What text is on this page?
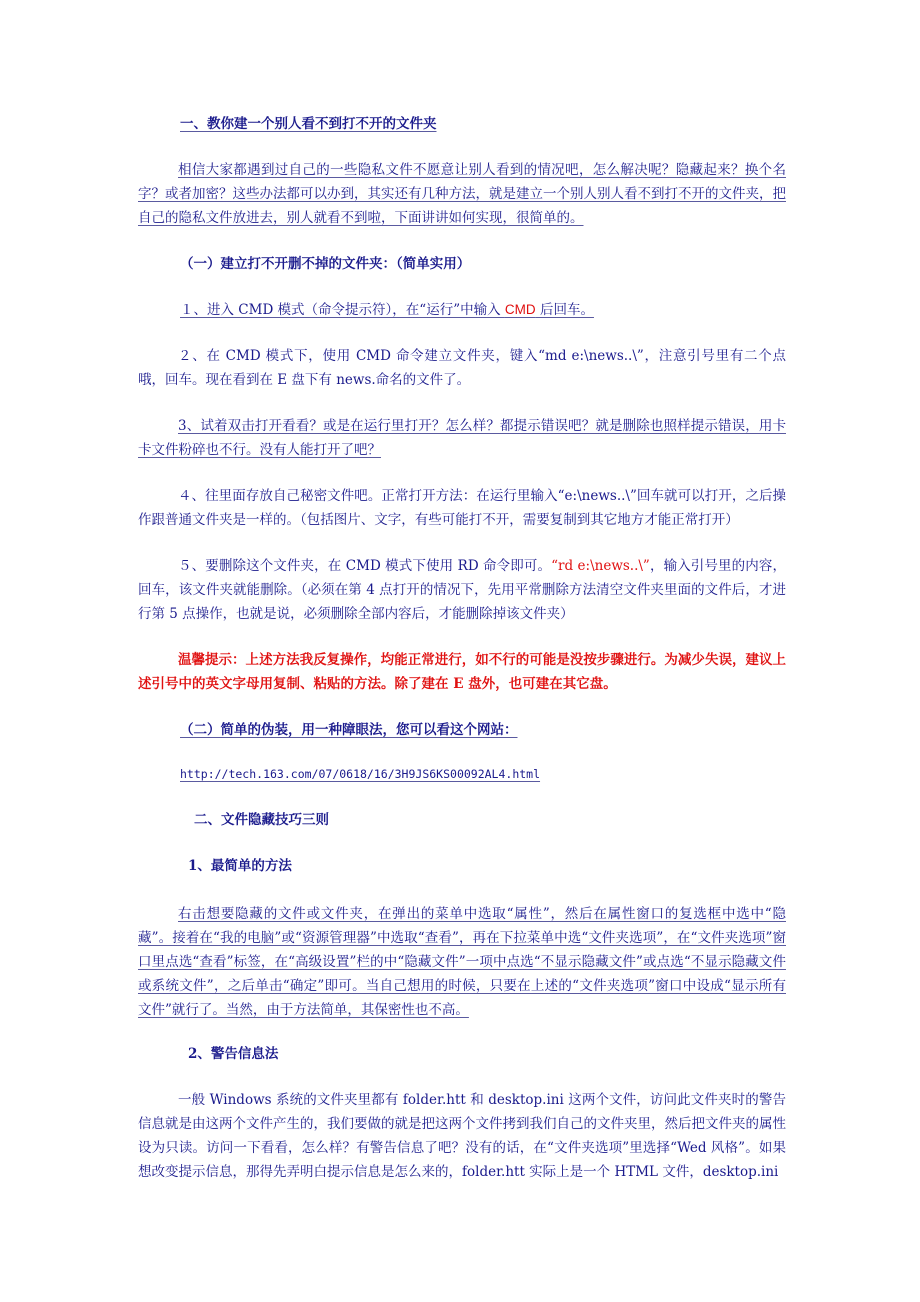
一、教你建一个别人看不到打不开的文件夹
相信大家都遇到过自己的一些隐私文件不愿意让别人看到的情况吧，怎么解决呢？隐藏起来？换个名字？或者加密？这些办法都可以办到，其实还有几种方法，就是建立一个别人别人看不到打不开的文件夹，把自己的隐私文件放进去，别人就看不到啦，下面讲讲如何实现，很简单的。
（一）建立打不开删不掉的文件夹：（简单实用）
１、进入 CMD 模式（命令提示符），在“运行”中输入 CMD 后回车。
２、在 CMD 模式下，使用 CMD 命令建立文件夹，键入“md e:\news..\”，注意引号里有二个点哦，回车。现在看到在 E 盘下有 news.命名的文件了。
3、试着双击打开看看？或是在运行里打开？怎么样？都提示错误吧？就是删除也照样提示错误，用卡卡文件粉碎也不行。没有人能打开了吧？
４、往里面存放自己秘密文件吧。正常打开方法：在运行里输入“e:\news..\”回车就可以打开，之后操作跟普通文件夹是一样的。（包括图片、文字，有些可能打不开，需要复制到其它地方才能正常打开）
５、要删除这个文件夹，在 CMD 模式下使用 RD 命令即可。“rd e:\news..\”，输入引号里的内容，回车，该文件夹就能删除。（必须在第 4 点打开的情况下，先用平常删除方法清空文件夹里面的文件后，才进行第 5 点操作，也就是说，必须删除全部内容后，才能删除掉该文件夹）
温馨提示：上述方法我反复操作，均能正常进行，如不行的可能是没按步骤进行。为减少失误，建议上述引号中的英文字母用复制、粘贴的方法。除了建在 E 盘外，也可建在其它盘。
（二）简单的伪装，用一种障眼法，您可以看这个网站：
http://tech.163.com/07/0618/16/3H9JS6KS00092AL4.html
二、文件隐藏技巧三则
1、最简单的方法
右击想要隐藏的文件或文件夹，在弹出的菜单中选取“属性”，然后在属性窗口的复选框中选中“隐藏”。接着在“我的电脑”或“资源管理器”中选取“查看”，再在下拉菜单中选“文件夹选项”，在“文件夹选项”窗口里点选“查看”标签，在“高级设置”栏的中“隐藏文件”一项中点选“不显示隐藏文件”或点选“不显示隐藏文件或系统文件”，之后单击“确定”即可。当自己想用的时候，只要在上述的“文件夹选项”窗口中设成“显示所有文件”就行了。当然，由于方法简单，其保密性也不高。
2、警告信息法
一般 Windows 系统的文件夹里都有 folder.htt 和 desktop.ini 这两个文件，访问此文件夹时的警告信息就是由这两个文件产生的，我们要做的就是把这两个文件拷到我们自己的文件夹里，然后把文件夹的属性设为只读。访问一下看看，怎么样？有警告信息了吧？没有的话，在“文件夹选项”里选择“Wed 风格”。如果想改变提示信息，那得先弄明白提示信息是怎么来的，folder.htt 实际上是一个 HTML 文件，desktop.ini
